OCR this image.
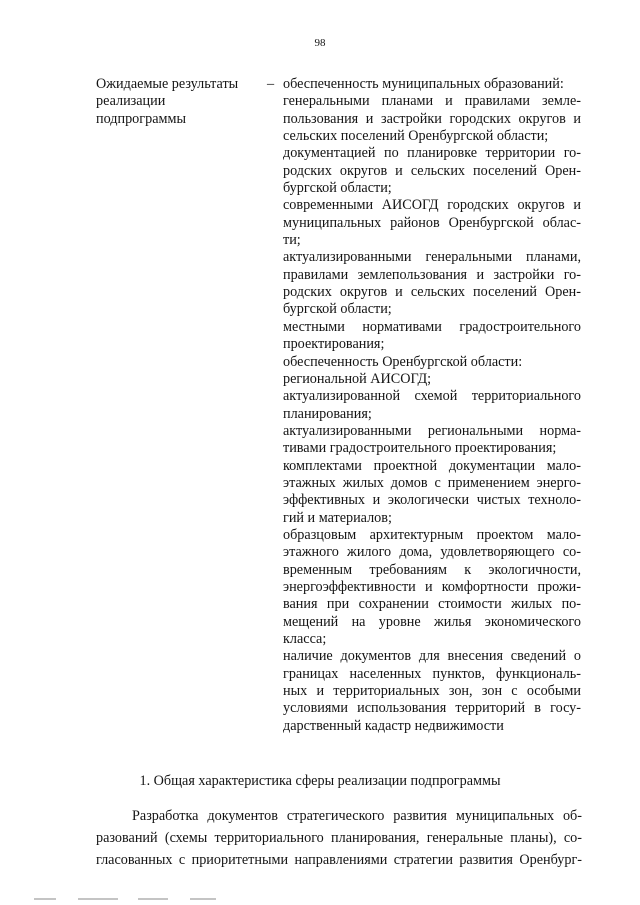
98
Ожидаемые результаты
реализации
подпрограммы
– обеспеченность муниципальных образований:
генеральными планами и правилами земле-
пользования и застройки городских округов и
сельских поселений Оренбургской области;
документацией по планировке территории го-
родских округов и сельских поселений Орен-
бургской области;
современными АИСОГД городских округов и
муниципальных районов Оренбургской облас-
ти;
актуализированными генеральными планами,
правилами землепользования и застройки го-
родских округов и сельских поселений Орен-
бургской области;
местными нормативами градостроительного
проектирования;
обеспеченность Оренбургской области:
региональной АИСОГД;
актуализированной схемой территориального
планирования;
актуализированными региональными норма-
тивами градостроительного проектирования;
комплектами проектной документации мало-
этажных жилых домов с применением энерго-
эффективных и экологически чистых техноло-
гий и материалов;
образцовым архитектурным проектом мало-
этажного жилого дома, удовлетворяющего со-
временным требованиям к экологичности,
энергоэффективности и комфортности прожи-
вания при сохранении стоимости жилых по-
мещений на уровне жилья экономического
класса;
наличие документов для внесения сведений о
границах населенных пунктов, функциональ-
ных и территориальных зон, зон с особыми
условиями использования территорий в госу-
дарственный кадастр недвижимости
1. Общая характеристика сферы реализации подпрограммы
Разработка документов стратегического развития муниципальных об-
разований (схемы территориального планирования, генеральные планы), со-
гласованных с приоритетными направлениями стратегии развития Оренбург-
